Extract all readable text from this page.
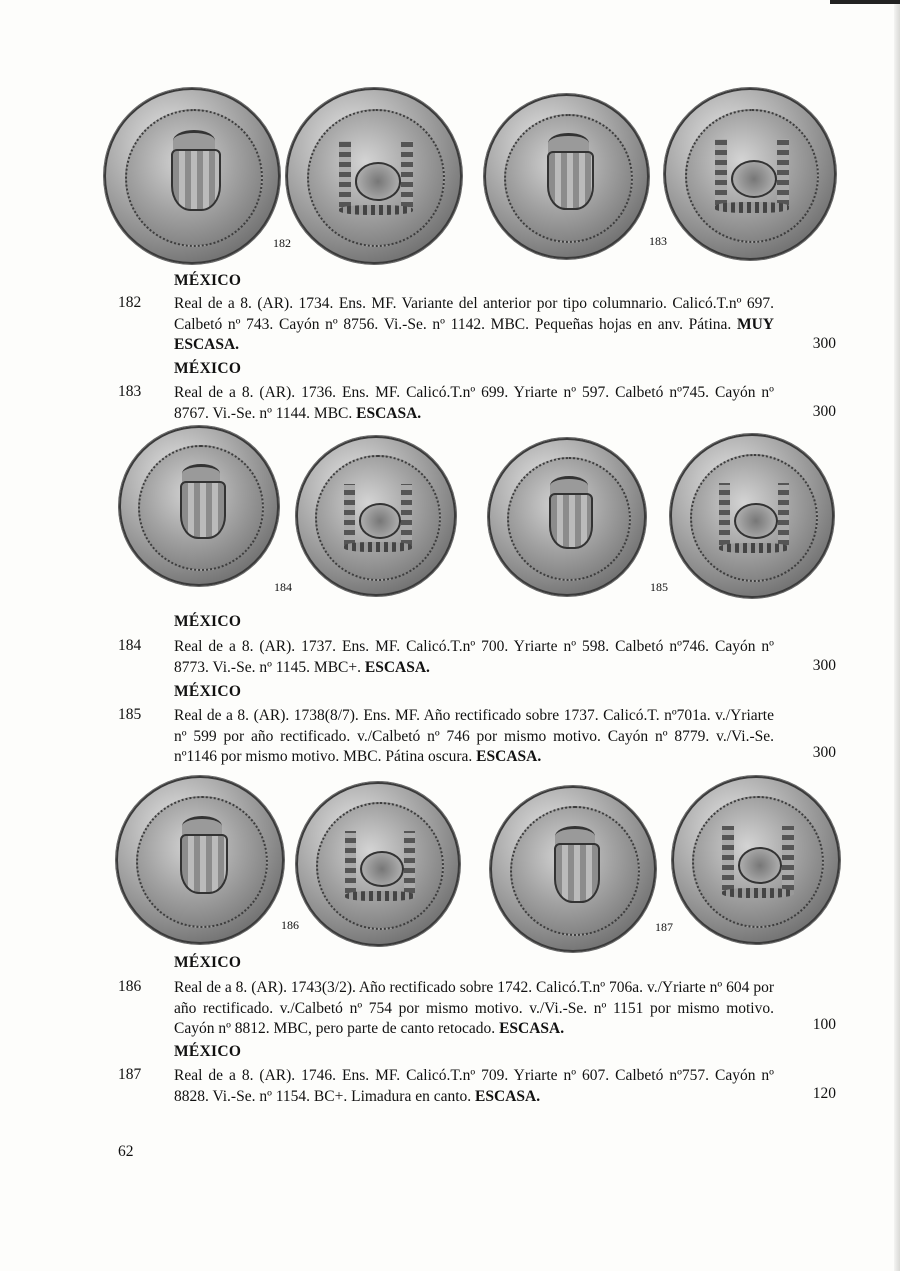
182	183
MÉXICO
182 Real de a 8. (AR). 1734. Ens. MF. Variante del anterior por tipo columnario. Calicó.T.nº 697. Calbetó nº 743. Cayón nº 8756. Vi.-Se. nº 1142. MBC. Pequeñas hojas en anv. Pátina. MUY ESCASA.	300
MÉXICO
183 Real de a 8. (AR). 1736. Ens. MF. Calicó.T.nº 699. Yriarte nº 597. Calbetó nº745. Cayón nº 8767. Vi.-Se. nº 1144. MBC. ESCASA.	300
184	185
MÉXICO
184 Real de a 8. (AR). 1737. Ens. MF. Calicó.T.nº 700. Yriarte nº 598. Calbetó nº746. Cayón nº 8773. Vi.-Se. nº 1145. MBC+. ESCASA.	300
MÉXICO
185 Real de a 8. (AR). 1738(8/7). Ens. MF. Año rectificado sobre 1737. Calicó.T. nº701a. v./Yriarte nº 599 por año rectificado. v./Calbetó nº 746 por mismo motivo. Cayón nº 8779. v./Vi.-Se. nº1146 por mismo motivo. MBC. Pátina oscura. ESCASA.	300
186	187
MÉXICO
186 Real de a 8. (AR). 1743(3/2). Año rectificado sobre 1742. Calicó.T.nº 706a. v./Yriarte nº 604 por año rectificado. v./Calbetó nº 754 por mismo motivo. v./Vi.-Se. nº 1151 por mismo motivo. Cayón nº 8812. MBC, pero parte de canto retocado. ESCASA.	100
MÉXICO
187 Real de a 8. (AR). 1746. Ens. MF. Calicó.T.nº 709. Yriarte nº 607. Calbetó nº757. Cayón nº 8828. Vi.-Se. nº 1154. BC+. Limadura en canto. ESCASA.	120
62
